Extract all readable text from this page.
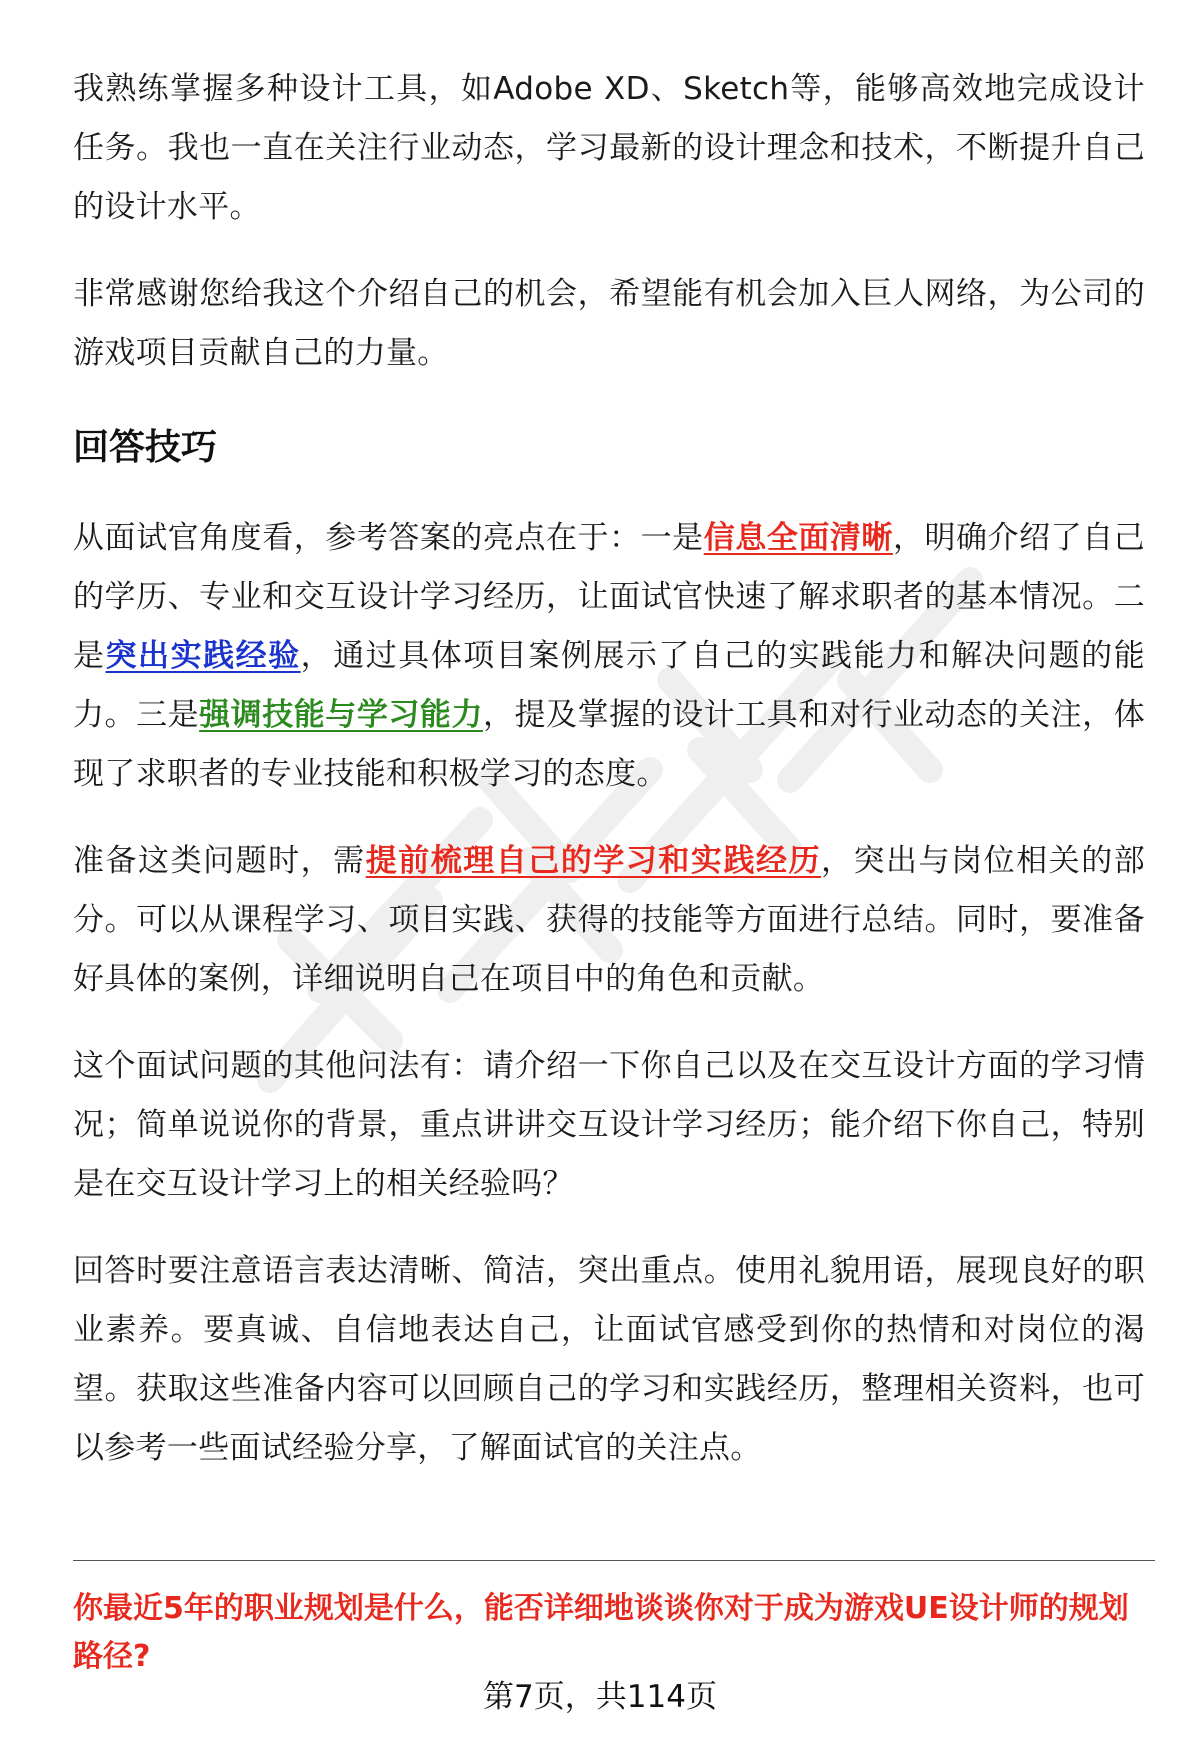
我熟练掌握多种设计工具，如Adobe XD、Sketch等，能够高效地完成设计任务。我也一直在关注行业动态，学习最新的设计理念和技术，不断提升自己的设计水平。

非常感谢您给我这个介绍自己的机会，希望能有机会加入巨人网络，为公司的游戏项目贡献自己的力量。

回答技巧

从面试官角度看，参考答案的亮点在于：一是信息全面清晰，明确介绍了自己的学历、专业和交互设计学习经历，让面试官快速了解求职者的基本情况。二是突出实践经验，通过具体项目案例展示了自己的实践能力和解决问题的能力。三是强调技能与学习能力，提及掌握的设计工具和对行业动态的关注，体现了求职者的专业技能和积极学习的态度。

准备这类问题时，需提前梳理自己的学习和实践经历，突出与岗位相关的部分。可以从课程学习、项目实践、获得的技能等方面进行总结。同时，要准备好具体的案例，详细说明自己在项目中的角色和贡献。

这个面试问题的其他问法有：请介绍一下你自己以及在交互设计方面的学习情况；简单说说你的背景，重点讲讲交互设计学习经历；能介绍下你自己，特别是在交互设计学习上的相关经验吗？

回答时要注意语言表达清晰、简洁，突出重点。使用礼貌用语，展现良好的职业素养。要真诚、自信地表达自己，让面试官感受到你的热情和对岗位的渴望。获取这些准备内容可以回顾自己的学习和实践经历，整理相关资料，也可以参考一些面试经验分享，了解面试官的关注点。

你最近5年的职业规划是什么，能否详细地谈谈你对于成为游戏UE设计师的规划路径?

第7页，共114页
